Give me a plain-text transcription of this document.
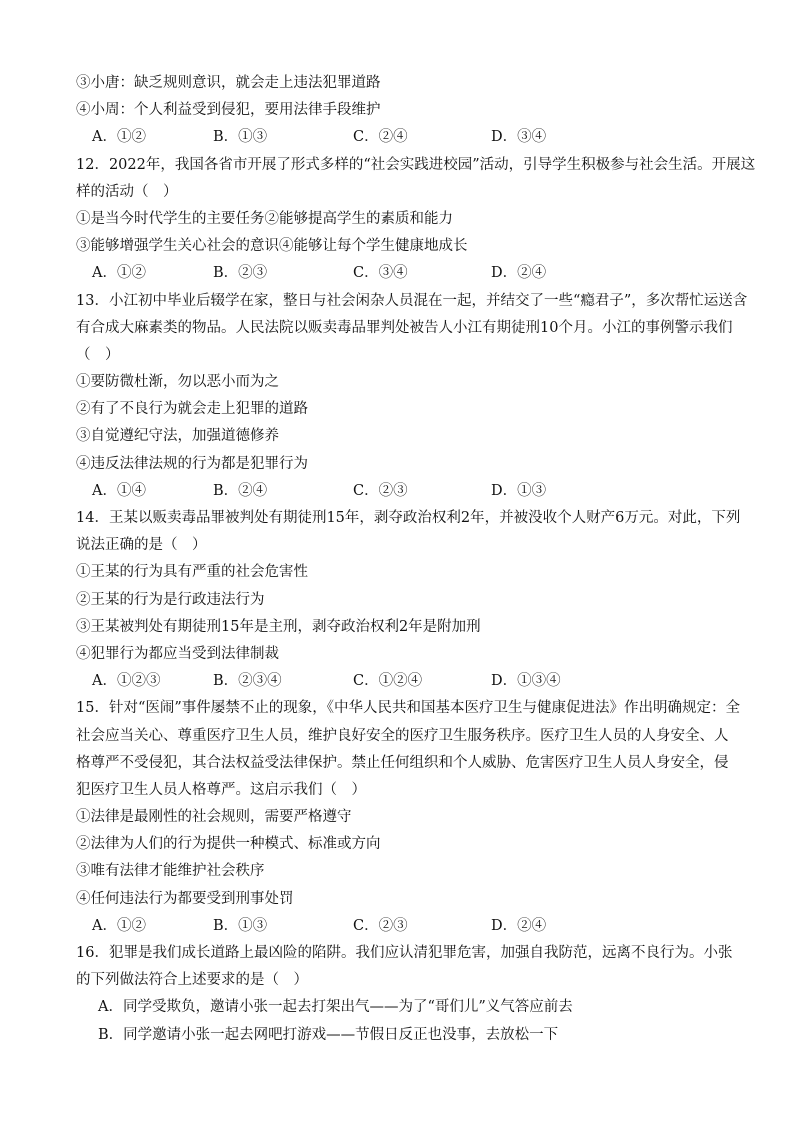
③小唐：缺乏规则意识，就会走上违法犯罪道路
④小周：个人利益受到侵犯，要用法律手段维护
A．①②	B．①③	C．②④	D．③④
12．2022年，我国各省市开展了形式多样的“社会实践进校园”活动，引导学生积极参与社会生活。开展这
样的活动（　）
①是当今时代学生的主要任务②能够提高学生的素质和能力
③能够增强学生关心社会的意识④能够让每个学生健康地成长
A．①②	B．②③	C．③④	D．②④
13．小江初中毕业后辍学在家，整日与社会闲杂人员混在一起，并结交了一些“瘾君子”，多次帮忙运送含
有合成大麻素类的物品。人民法院以贩卖毒品罪判处被告人小江有期徒刑10个月。小江的事例警示我们
（　）
①要防微杜渐，勿以恶小而为之
②有了不良行为就会走上犯罪的道路
③自觉遵纪守法，加强道德修养
④违反法律法规的行为都是犯罪行为
A．①④	B．②④	C．②③	D．①③
14．王某以贩卖毒品罪被判处有期徒刑15年，剥夺政治权利2年，并被没收个人财产6万元。对此，下列
说法正确的是（　）
①王某的行为具有严重的社会危害性
②王某的行为是行政违法行为
③王某被判处有期徒刑15年是主刑，剥夺政治权利2年是附加刑
④犯罪行为都应当受到法律制裁
A．①②③	B．②③④	C．①②④	D．①③④
15．针对“医闹”事件屡禁不止的现象，《中华人民共和国基本医疗卫生与健康促进法》作出明确规定：全
社会应当关心、尊重医疗卫生人员，维护良好安全的医疗卫生服务秩序。医疗卫生人员的人身安全、人
格尊严不受侵犯，其合法权益受法律保护。禁止任何组织和个人威胁、危害医疗卫生人员人身安全，侵
犯医疗卫生人员人格尊严。这启示我们（　）
①法律是最刚性的社会规则，需要严格遵守
②法律为人们的行为提供一种模式、标准或方向
③唯有法律才能维护社会秩序
④任何违法行为都要受到刑事处罚
A．①②	B．①③	C．②③	D．②④
16．犯罪是我们成长道路上最凶险的陷阱。我们应认清犯罪危害，加强自我防范，远离不良行为。小张
的下列做法符合上述要求的是（　）
A．同学受欺负，邀请小张一起去打架出气——为了“哥们儿”义气答应前去
B．同学邀请小张一起去网吧打游戏——节假日反正也没事，去放松一下
